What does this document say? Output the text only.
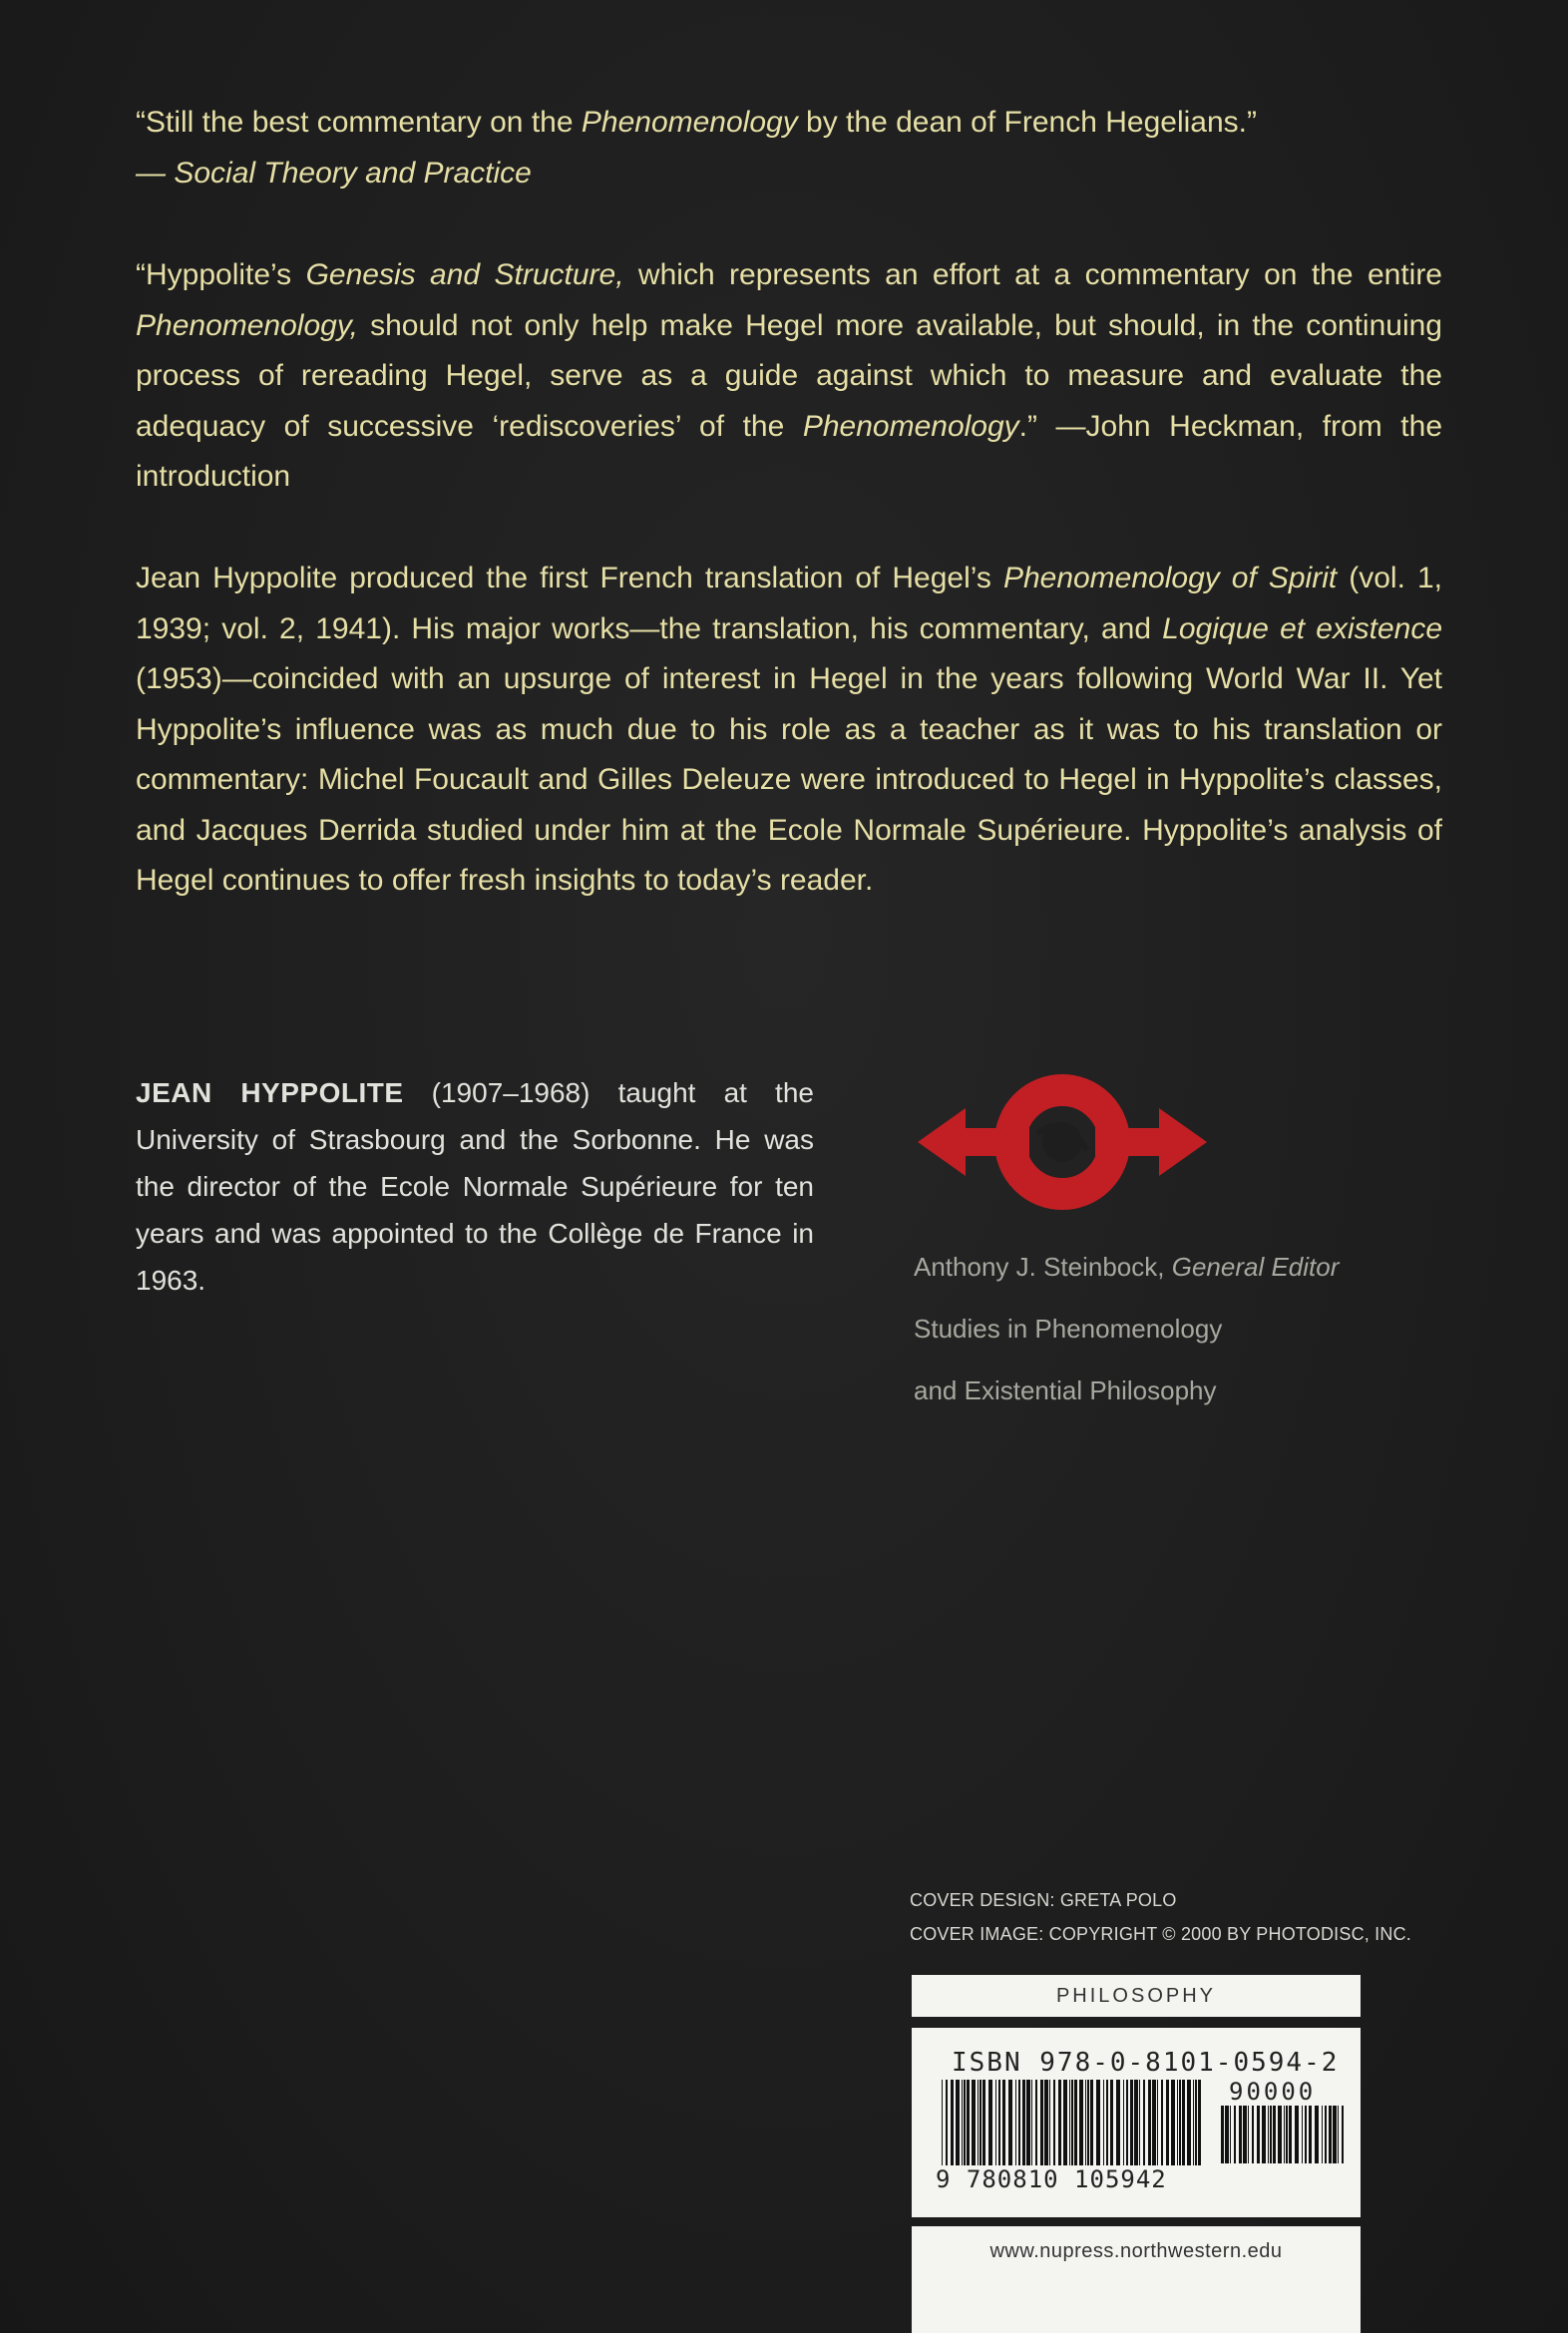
“Still the best commentary on the Phenomenology by the dean of French Hegelians.”
— Social Theory and Practice

“Hyppolite’s Genesis and Structure, which represents an effort at a commentary on the entire Phenomenology, should not only help make Hegel more available, but should, in the continuing process of rereading Hegel, serve as a guide against which to measure and evaluate the adequacy of successive ‘rediscoveries’ of the Phenomenology.” —John Heckman, from the introduction

Jean Hyppolite produced the first French translation of Hegel’s Phenomenology of Spirit (vol. 1, 1939; vol. 2, 1941). His major works—the translation, his commentary, and Logique et existence (1953)—coincided with an upsurge of interest in Hegel in the years following World War II. Yet Hyppolite’s influence was as much due to his role as a teacher as it was to his translation or commentary: Michel Foucault and Gilles Deleuze were introduced to Hegel in Hyppolite’s classes, and Jacques Derrida studied under him at the Ecole Normale Supérieure. Hyppolite’s analysis of Hegel continues to offer fresh insights to today’s reader.

JEAN HYPPOLITE (1907–1968) taught at the University of Strasbourg and the Sorbonne. He was the director of the Ecole Normale Supérieure for ten years and was appointed to the Collège de France in 1963.	Anthony J. Steinbock, General Editor

Studies in Phenomenology

and Existential Philosophy

COVER DESIGN: GRETA POLO

COVER IMAGE: COPYRIGHT © 2000 BY PHOTODISC, INC.

PHILOSOPHY
ISBN 978-0-8101-0594-2
90000
9 780810 105942
www.nupress.northwestern.edu
